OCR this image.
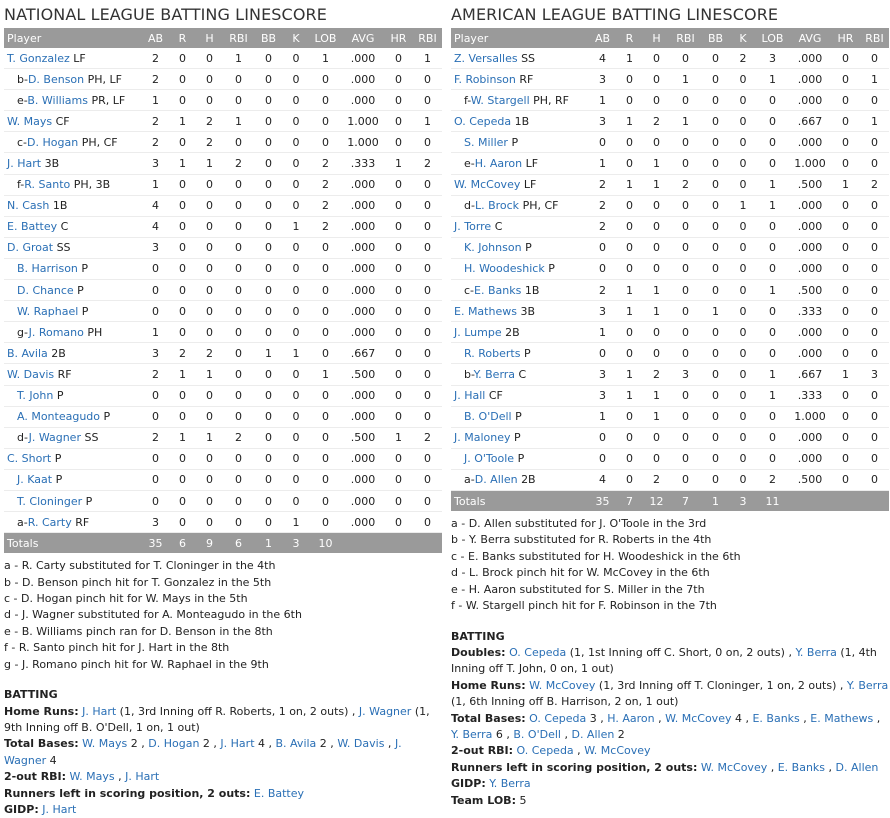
NATIONAL LEAGUE BATTING LINESCORE
Player	AB	R	H	RBI	BB	K	LOB	AVG	HR	RBI
T. Gonzalez LF	2	0	0	1	0	0	1	.000	0	1
b-D. Benson PH, LF	2	0	0	0	0	0	0	.000	0	0
e-B. Williams PR, LF	1	0	0	0	0	0	0	.000	0	0
W. Mays CF	2	1	2	1	0	0	0	1.000	0	1
c-D. Hogan PH, CF	2	0	2	0	0	0	0	1.000	0	0
J. Hart 3B	3	1	1	2	0	0	2	.333	1	2
f-R. Santo PH, 3B	1	0	0	0	0	0	2	.000	0	0
N. Cash 1B	4	0	0	0	0	0	2	.000	0	0
E. Battey C	4	0	0	0	0	1	2	.000	0	0
D. Groat SS	3	0	0	0	0	0	0	.000	0	0
B. Harrison P	0	0	0	0	0	0	0	.000	0	0
D. Chance P	0	0	0	0	0	0	0	.000	0	0
W. Raphael P	0	0	0	0	0	0	0	.000	0	0
g-J. Romano PH	1	0	0	0	0	0	0	.000	0	0
B. Avila 2B	3	2	2	0	1	1	0	.667	0	0
W. Davis RF	2	1	1	0	0	0	1	.500	0	0
T. John P	0	0	0	0	0	0	0	.000	0	0
A. Monteagudo P	0	0	0	0	0	0	0	.000	0	0
d-J. Wagner SS	2	1	1	2	0	0	0	.500	1	2
C. Short P	0	0	0	0	0	0	0	.000	0	0
J. Kaat P	0	0	0	0	0	0	0	.000	0	0
T. Cloninger P	0	0	0	0	0	0	0	.000	0	0
a-R. Carty RF	3	0	0	0	0	1	0	.000	0	0
Totals	35	6	9	6	1	3	10			
a - R. Carty substituted for T. Cloninger in the 4th
b - D. Benson pinch hit for T. Gonzalez in the 5th
c - D. Hogan pinch hit for W. Mays in the 5th
d - J. Wagner substituted for A. Monteagudo in the 6th
e - B. Williams pinch ran for D. Benson in the 8th
f - R. Santo pinch hit for J. Hart in the 8th
g - J. Romano pinch hit for W. Raphael in the 9th
BATTING
Home Runs: J. Hart (1, 3rd Inning off R. Roberts, 1 on, 2 outs) , J. Wagner (1, 9th Inning off B. O'Dell, 1 on, 1 out)
Total Bases: W. Mays 2 , D. Hogan 2 , J. Hart 4 , B. Avila 2 , W. Davis , J. Wagner 4
2-out RBI: W. Mays , J. Hart
Runners left in scoring position, 2 outs: E. Battey
GIDP: J. Hart
AMERICAN LEAGUE BATTING LINESCORE
Player	AB	R	H	RBI	BB	K	LOB	AVG	HR	RBI
Z. Versalles SS	4	1	0	0	0	2	3	.000	0	0
F. Robinson RF	3	0	0	1	0	0	1	.000	0	1
f-W. Stargell PH, RF	1	0	0	0	0	0	0	.000	0	0
O. Cepeda 1B	3	1	2	1	0	0	0	.667	0	1
S. Miller P	0	0	0	0	0	0	0	.000	0	0
e-H. Aaron LF	1	0	1	0	0	0	0	1.000	0	0
W. McCovey LF	2	1	1	2	0	0	1	.500	1	2
d-L. Brock PH, CF	2	0	0	0	0	1	1	.000	0	0
J. Torre C	2	0	0	0	0	0	0	.000	0	0
K. Johnson P	0	0	0	0	0	0	0	.000	0	0
H. Woodeshick P	0	0	0	0	0	0	0	.000	0	0
c-E. Banks 1B	2	1	1	0	0	0	1	.500	0	0
E. Mathews 3B	3	1	1	0	1	0	0	.333	0	0
J. Lumpe 2B	1	0	0	0	0	0	0	.000	0	0
R. Roberts P	0	0	0	0	0	0	0	.000	0	0
b-Y. Berra C	3	1	2	3	0	0	1	.667	1	3
J. Hall CF	3	1	1	0	0	0	1	.333	0	0
B. O'Dell P	1	0	1	0	0	0	0	1.000	0	0
J. Maloney P	0	0	0	0	0	0	0	.000	0	0
J. O'Toole P	0	0	0	0	0	0	0	.000	0	0
a-D. Allen 2B	4	0	2	0	0	0	2	.500	0	0
Totals	35	7	12	7	1	3	11			
a - D. Allen substituted for J. O'Toole in the 3rd
b - Y. Berra substituted for R. Roberts in the 4th
c - E. Banks substituted for H. Woodeshick in the 6th
d - L. Brock pinch hit for W. McCovey in the 6th
e - H. Aaron substituted for S. Miller in the 7th
f - W. Stargell pinch hit for F. Robinson in the 7th
BATTING
Doubles: O. Cepeda (1, 1st Inning off C. Short, 0 on, 2 outs) , Y. Berra (1, 4th Inning off T. John, 0 on, 1 out)
Home Runs: W. McCovey (1, 3rd Inning off T. Cloninger, 1 on, 2 outs) , Y. Berra (1, 6th Inning off B. Harrison, 2 on, 1 out)
Total Bases: O. Cepeda 3 , H. Aaron , W. McCovey 4 , E. Banks , E. Mathews , Y. Berra 6 , B. O'Dell , D. Allen 2
2-out RBI: O. Cepeda , W. McCovey
Runners left in scoring position, 2 outs: W. McCovey , E. Banks , D. Allen
GIDP: Y. Berra
Team LOB: 5
